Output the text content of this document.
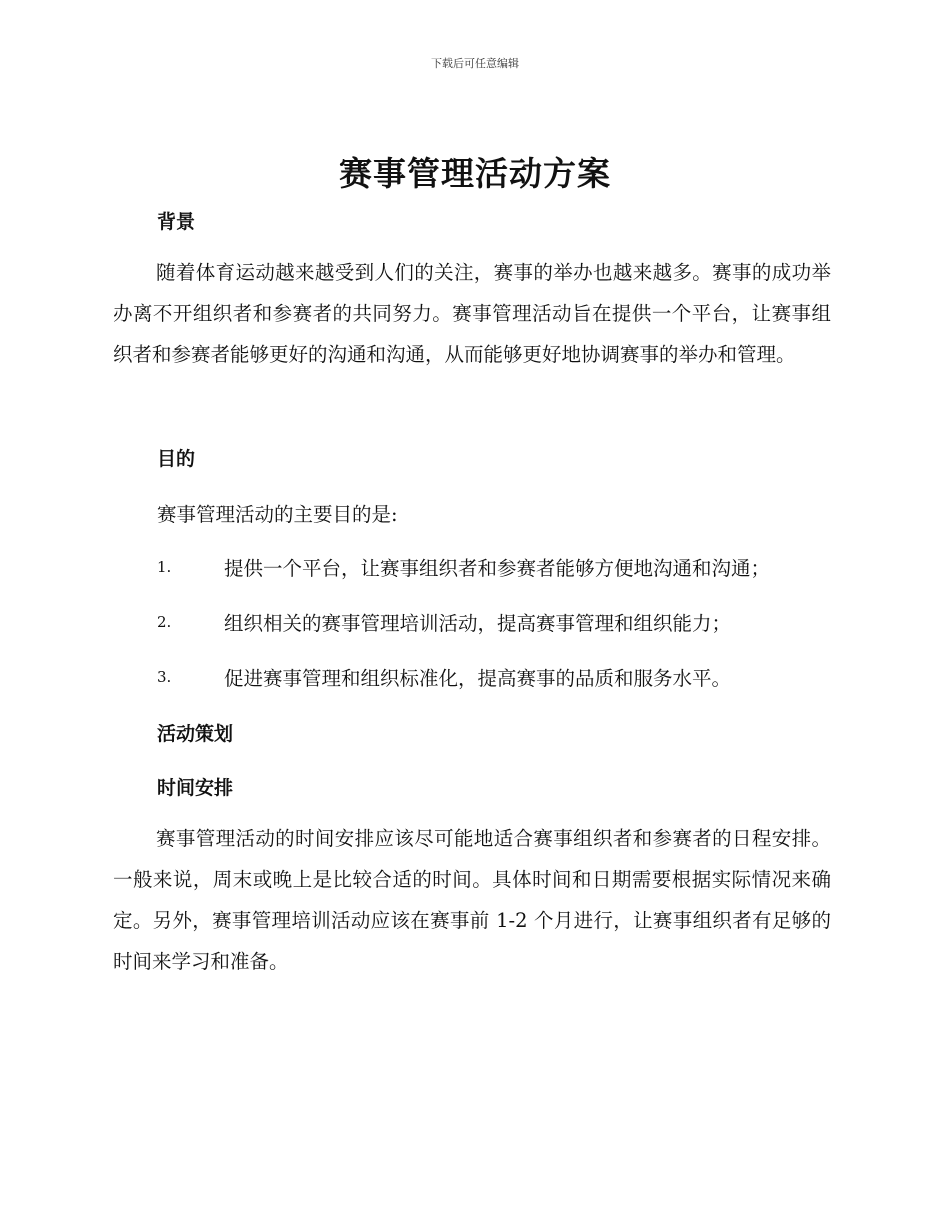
下载后可任意编辑
赛事管理活动方案
背景
随着体育运动越来越受到人们的关注，赛事的举办也越来越多。赛事的成功举办离不开组织者和参赛者的共同努力。赛事管理活动旨在提供一个平台，让赛事组织者和参赛者能够更好的沟通和沟通，从而能够更好地协调赛事的举办和管理。
目的
赛事管理活动的主要目的是:
1.	提供一个平台，让赛事组织者和参赛者能够方便地沟通和沟通；
2.	组织相关的赛事管理培训活动，提高赛事管理和组织能力；
3.	促进赛事管理和组织标准化，提高赛事的品质和服务水平。
活动策划
时间安排
赛事管理活动的时间安排应该尽可能地适合赛事组织者和参赛者的日程安排。一般来说，周末或晚上是比较合适的时间。具体时间和日期需要根据实际情况来确定。另外，赛事管理培训活动应该在赛事前 1-2 个月进行，让赛事组织者有足够的时间来学习和准备。
